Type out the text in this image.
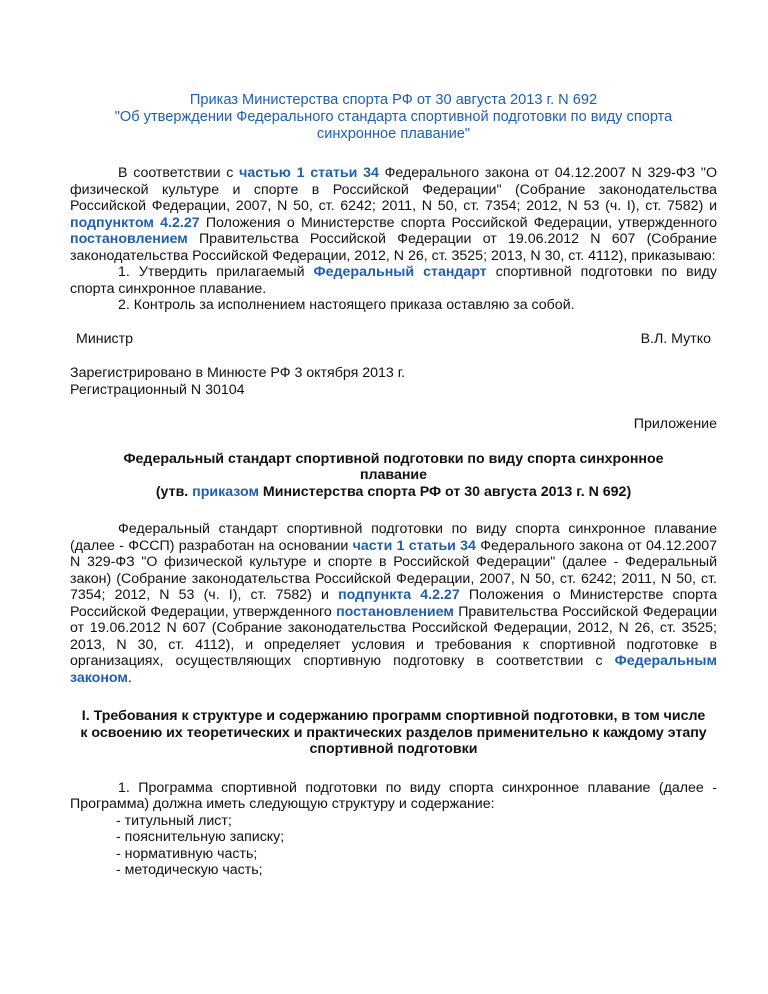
Приказ Министерства спорта РФ от 30 августа 2013 г. N 692
"Об утверждении Федерального стандарта спортивной подготовки по виду спорта синхронное плавание"

В соответствии с частью 1 статьи 34 Федерального закона от 04.12.2007 N 329-ФЗ "О физической культуре и спорте в Российской Федерации" (Собрание законодательства Российской Федерации, 2007, N 50, ст. 6242; 2011, N 50, ст. 7354; 2012, N 53 (ч. I), ст. 7582) и подпунктом 4.2.27 Положения о Министерстве спорта Российской Федерации, утвержденного постановлением Правительства Российской Федерации от 19.06.2012 N 607 (Собрание законодательства Российской Федерации, 2012, N 26, ст. 3525; 2013, N 30, ст. 4112), приказываю:

1. Утвердить прилагаемый Федеральный стандарт спортивной подготовки по виду спорта синхронное плавание.

2. Контроль за исполнением настоящего приказа оставляю за собой.

Министр	В.Л. Мутко
Зарегистрировано в Минюсте РФ 3 октября 2013 г.
Регистрационный N 30104
Приложение
Федеральный стандарт спортивной подготовки по виду спорта синхронное плавание
(утв. приказом Министерства спорта РФ от 30 августа 2013 г. N 692)

Федеральный стандарт спортивной подготовки по виду спорта синхронное плавание (далее - ФССП) разработан на основании части 1 статьи 34 Федерального закона от 04.12.2007 N 329-ФЗ "О физической культуре и спорте в Российской Федерации" (далее - Федеральный закон) (Собрание законодательства Российской Федерации, 2007, N 50, ст. 6242; 2011, N 50, ст. 7354; 2012, N 53 (ч. I), ст. 7582) и подпункта 4.2.27 Положения о Министерстве спорта Российской Федерации, утвержденного постановлением Правительства Российской Федерации от 19.06.2012 N 607 (Собрание законодательства Российской Федерации, 2012, N 26, ст. 3525; 2013, N 30, ст. 4112), и определяет условия и требования к спортивной подготовке в организациях, осуществляющих спортивную подготовку в соответствии с Федеральным законом.

I. Требования к структуре и содержанию программ спортивной подготовки, в том числе к освоению их теоретических и практических разделов применительно к каждому этапу спортивной подготовки

1. Программа спортивной подготовки по виду спорта синхронное плавание (далее - Программа) должна иметь следующую структуру и содержание:

- титульный лист;
- пояснительную записку;
- нормативную часть;
- методическую часть;
